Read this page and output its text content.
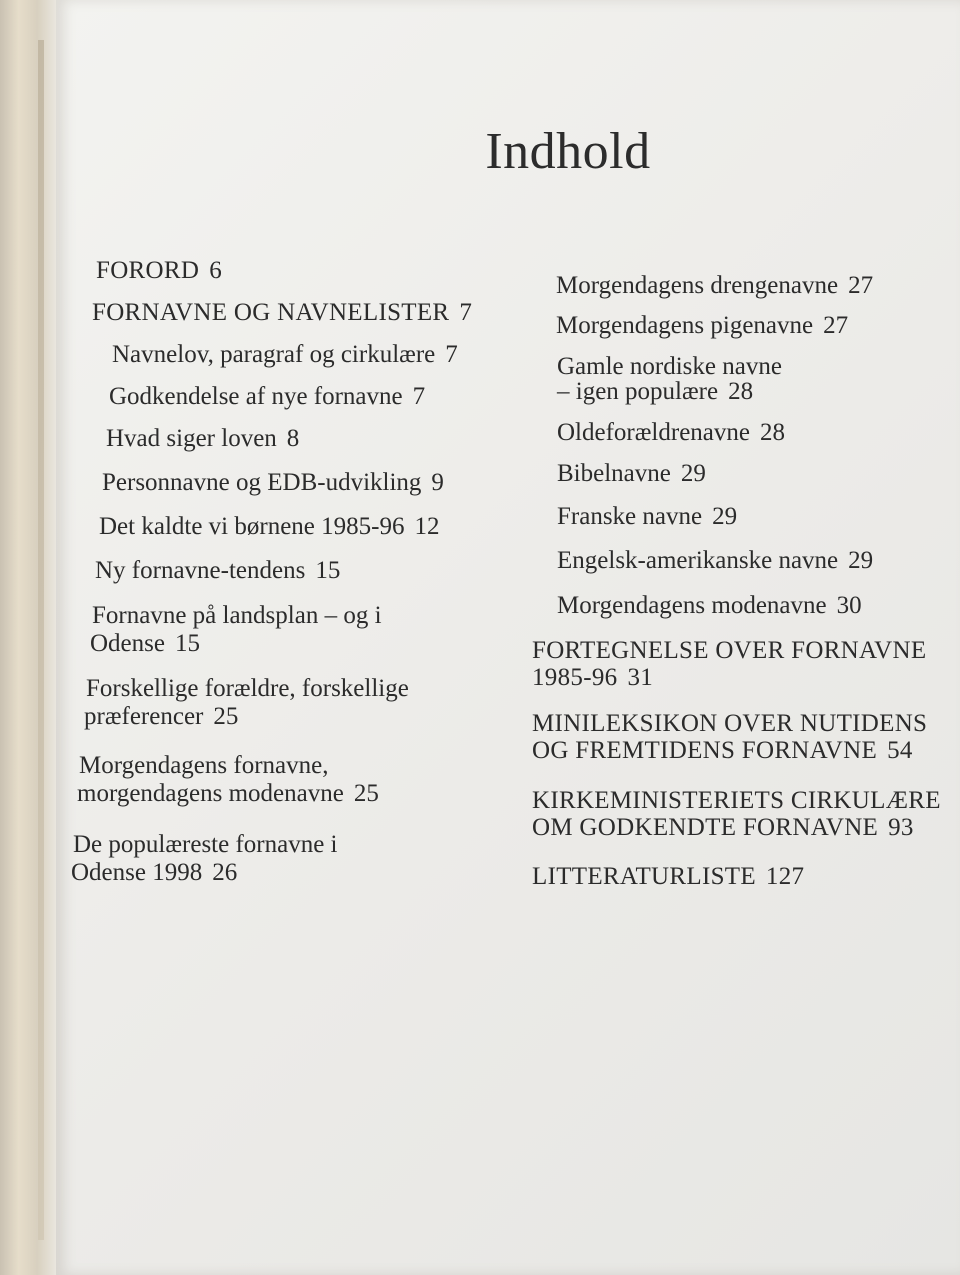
Indhold
FORORD 6
FORNAVNE OG NAVNELISTER 7
Navnelov, paragraf og cirkulære 7
Godkendelse af nye fornavne 7
Hvad siger loven 8
Personnavne og EDB-udvikling 9
Det kaldte vi børnene 1985-96 12
Ny fornavne-tendens 15
Fornavne på landsplan – og i
Odense 15
Forskellige forældre, forskellige
præferencer 25
Morgendagens fornavne,
morgendagens modenavne 25
De populæreste fornavne i
Odense 1998 26
Morgendagens drengenavne 27
Morgendagens pigenavne 27
Gamle nordiske navne
– igen populære 28
Oldeforældrenavne 28
Bibelnavne 29
Franske navne 29
Engelsk-amerikanske navne 29
Morgendagens modenavne 30
FORTEGNELSE OVER FORNAVNE
1985-96 31
MINILEKSIKON OVER NUTIDENS
OG FREMTIDENS FORNAVNE 54
KIRKEMINISTERIETS CIRKULÆRE
OM GODKENDTE FORNAVNE 93
LITTERATURLISTE 127
